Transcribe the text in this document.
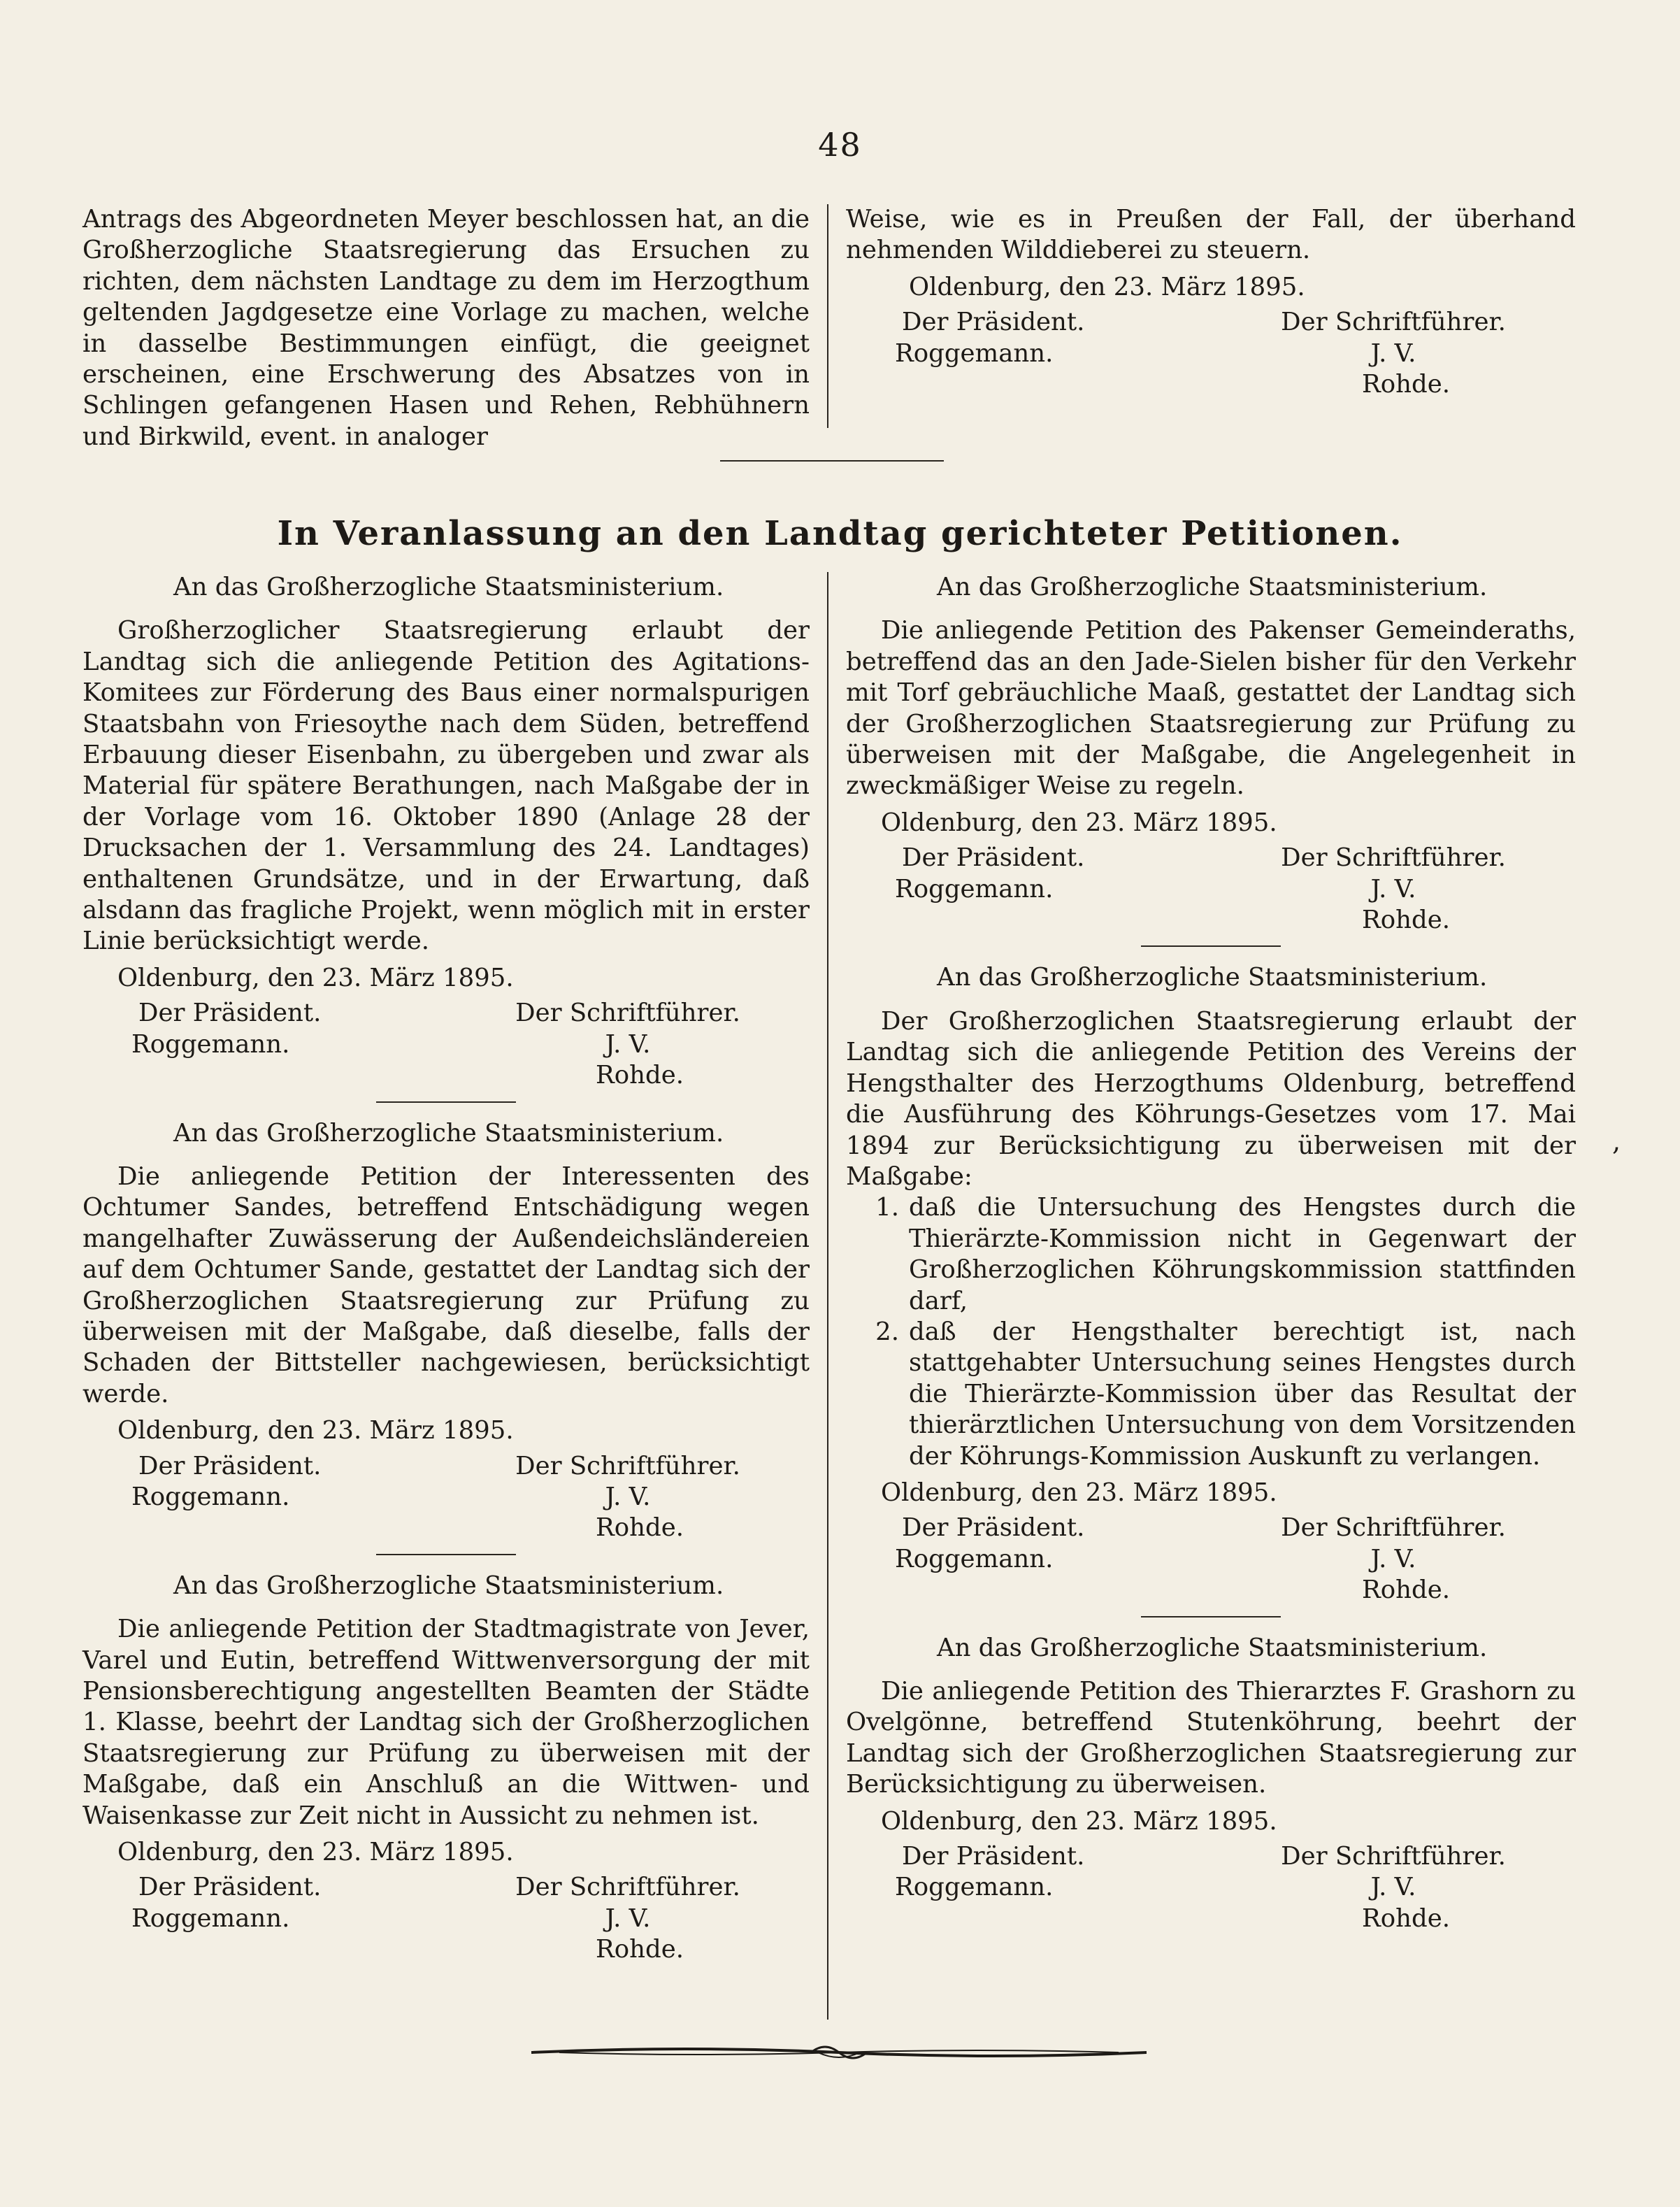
48

Antrags des Abgeordneten Meyer beschlossen hat, an die Großherzogliche Staatsregierung das Ersuchen zu richten, dem nächsten Landtage zu dem im Herzogthum geltenden Jagdgesetze eine Vorlage zu machen, welche in dasselbe Bestimmungen einfügt, die geeignet erscheinen, eine Erschwerung des Absatzes von in Schlingen gefangenen Hasen und Rehen, Rebhühnern und Birkwild, event. in analoger

Weise, wie es in Preußen der Fall, der überhand nehmenden Wilddieberei zu steuern.

Oldenburg, den 23. März 1895.

Der Präsident.	Der Schriftführer.
Roggemann.	J. V.
Rohde.
In Veranlassung an den Landtag gerichteter Petitionen.

An das Großherzogliche Staatsministerium.

Großherzoglicher Staatsregierung erlaubt der Landtag sich die anliegende Petition des Agitations-Komitees zur Förderung des Baus einer normalspurigen Staatsbahn von Friesoythe nach dem Süden, betreffend Erbauung dieser Eisenbahn, zu übergeben und zwar als Material für spätere Berathungen, nach Maßgabe der in der Vorlage vom 16. Oktober 1890 (Anlage 28 der Drucksachen der 1. Versammlung des 24. Landtages) enthaltenen Grundsätze, und in der Erwartung, daß alsdann das fragliche Projekt, wenn möglich mit in erster Linie berücksichtigt werde.

Oldenburg, den 23. März 1895.

Der Präsident.	Der Schriftführer.
Roggemann.	J. V.
Rohde.

An das Großherzogliche Staatsministerium.

Die anliegende Petition der Interessenten des Ochtumer Sandes, betreffend Entschädigung wegen mangelhafter Zuwässerung der Außendeichsländereien auf dem Ochtumer Sande, gestattet der Landtag sich der Großherzoglichen Staatsregierung zur Prüfung zu überweisen mit der Maßgabe, daß dieselbe, falls der Schaden der Bittsteller nachgewiesen, berücksichtigt werde.

Oldenburg, den 23. März 1895.

Der Präsident.	Der Schriftführer.
Roggemann.	J. V.
Rohde.

An das Großherzogliche Staatsministerium.

Die anliegende Petition der Stadtmagistrate von Jever, Varel und Eutin, betreffend Wittwenversorgung der mit Pensionsberechtigung angestellten Beamten der Städte 1. Klasse, beehrt der Landtag sich der Großherzoglichen Staatsregierung zur Prüfung zu überweisen mit der Maßgabe, daß ein Anschluß an die Wittwen- und Waisenkasse zur Zeit nicht in Aussicht zu nehmen ist.

Oldenburg, den 23. März 1895.

Der Präsident.	Der Schriftführer.
Roggemann.	J. V.
Rohde.

An das Großherzogliche Staatsministerium.

Die anliegende Petition des Pakenser Gemeinderaths, betreffend das an den Jade-Sielen bisher für den Verkehr mit Torf gebräuchliche Maaß, gestattet der Landtag sich der Großherzoglichen Staatsregierung zur Prüfung zu überweisen mit der Maßgabe, die Angelegenheit in zweckmäßiger Weise zu regeln.

Oldenburg, den 23. März 1895.

Der Präsident.	Der Schriftführer.
Roggemann.	J. V.
Rohde.

An das Großherzogliche Staatsministerium.

Der Großherzoglichen Staatsregierung erlaubt der Landtag sich die anliegende Petition des Vereins der Hengsthalter des Herzogthums Oldenburg, betreffend die Ausführung des Köhrungs-Gesetzes vom 17. Mai 1894 zur Berücksichtigung zu überweisen mit der Maßgabe:

1. daß die Untersuchung des Hengstes durch die Thierärzte-Kommission nicht in Gegenwart der Großherzoglichen Köhrungskommission stattfinden darf,
2. daß der Hengsthalter berechtigt ist, nach stattgehabter Untersuchung seines Hengstes durch die Thierärzte-Kommission über das Resultat der thierärztlichen Untersuchung von dem Vorsitzenden der Köhrungs-Kommission Auskunft zu verlangen.

Oldenburg, den 23. März 1895.

Der Präsident.	Der Schriftführer.
Roggemann.	J. V.
Rohde.

An das Großherzogliche Staatsministerium.

Die anliegende Petition des Thierarztes F. Grashorn zu Ovelgönne, betreffend Stutenköhrung, beehrt der Landtag sich der Großherzoglichen Staatsregierung zur Berücksichtigung zu überweisen.

Oldenburg, den 23. März 1895.

Der Präsident.	Der Schriftführer.
Roggemann.	J. V.
Rohde.
,
